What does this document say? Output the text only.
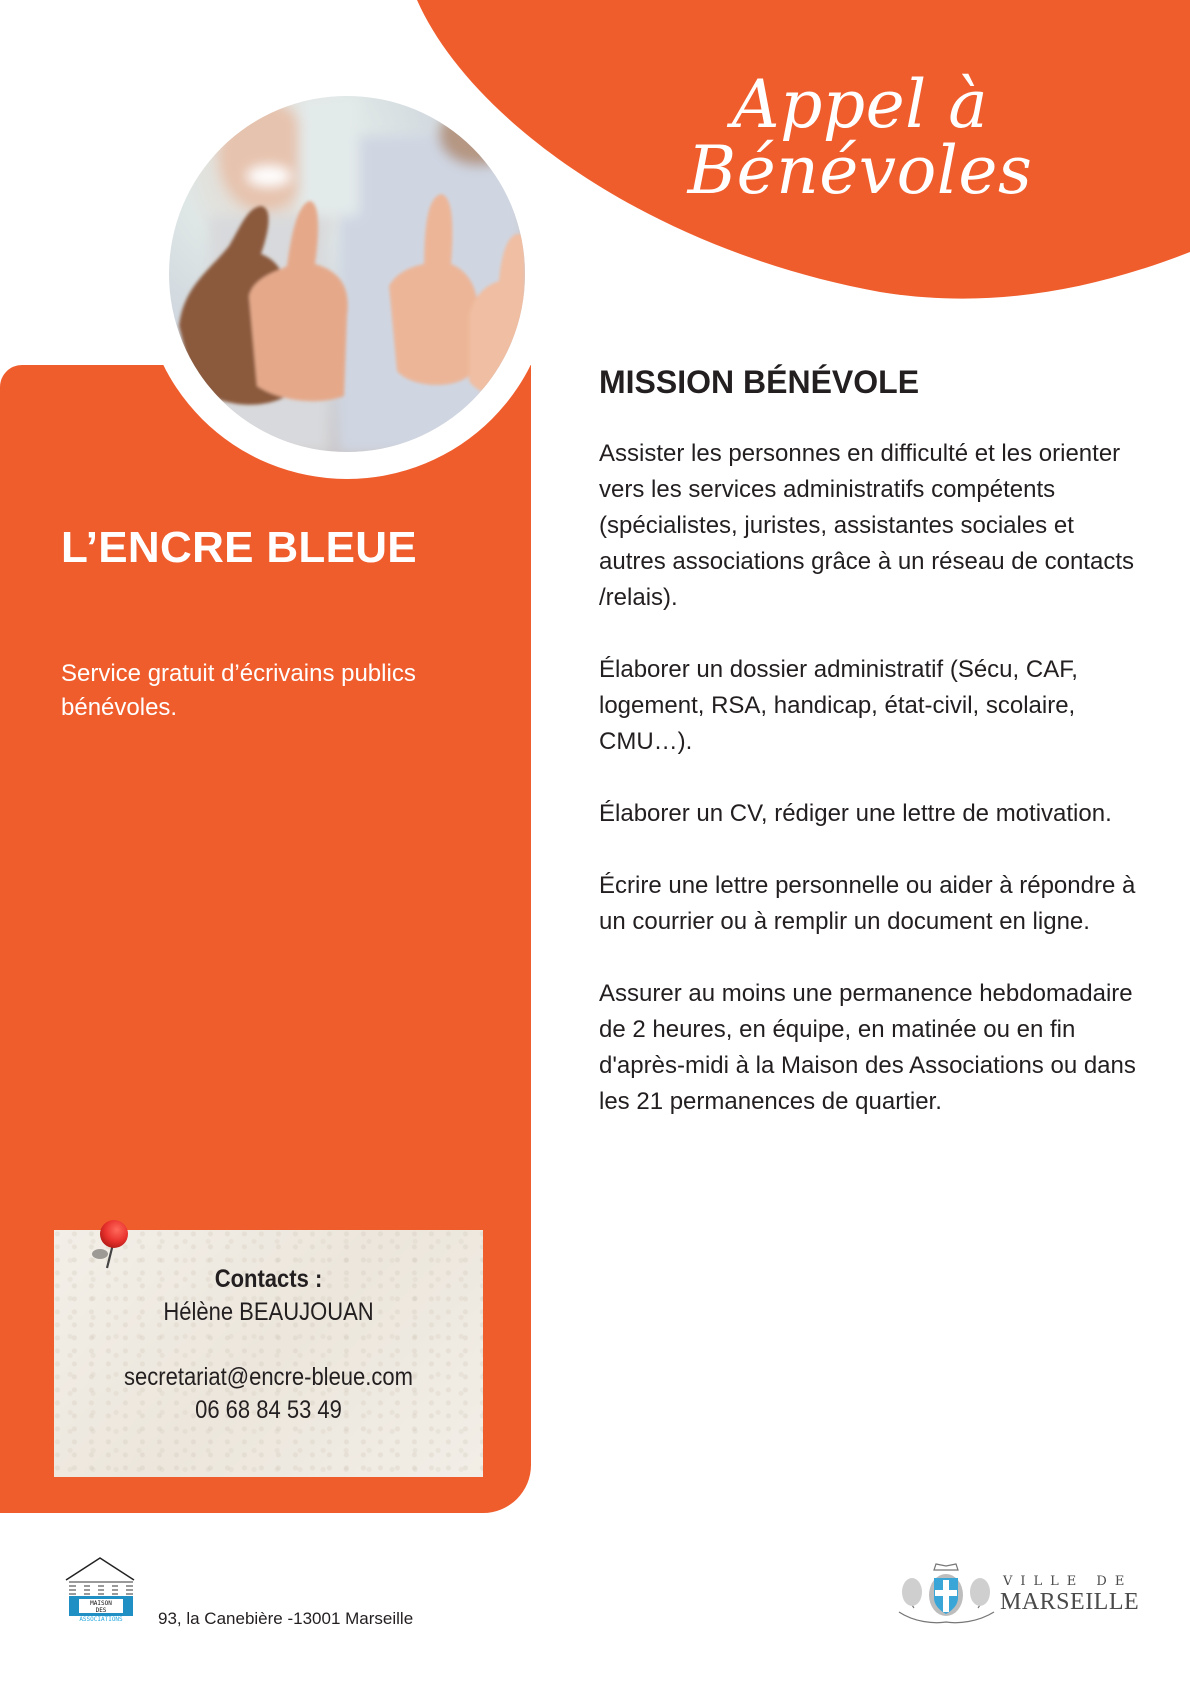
Appel à Bénévoles
L’ENCRE BLEUE
Service gratuit d’écrivains publics bénévoles.
Contacts :
Hélène BEAUJOUAN
secretariat@encre-bleue.com
06 68 84 53 49
MISSION BÉNÉVOLE

Assister les personnes en difficulté et les orienter vers les services administratifs compétents (spécialistes, juristes, assistantes sociales et autres associations grâce à un réseau de contacts /relais).

Élaborer un dossier administratif (Sécu, CAF, logement, RSA, handicap, état-civil, scolaire, CMU…).

Élaborer un CV, rédiger une lettre de motivation.

Écrire une lettre personnelle ou aider à répondre à un courrier ou à remplir un document en ligne.

Assurer au moins une permanence hebdomadaire de 2 heures, en équipe, en matinée ou en fin d'après-midi à la Maison des Associations ou dans les 21 permanences de quartier.

MAISON
DES
ASSOCIATIONS 93, la Canebière -13001 Marseille
VILLE DE
MARSEILLE
